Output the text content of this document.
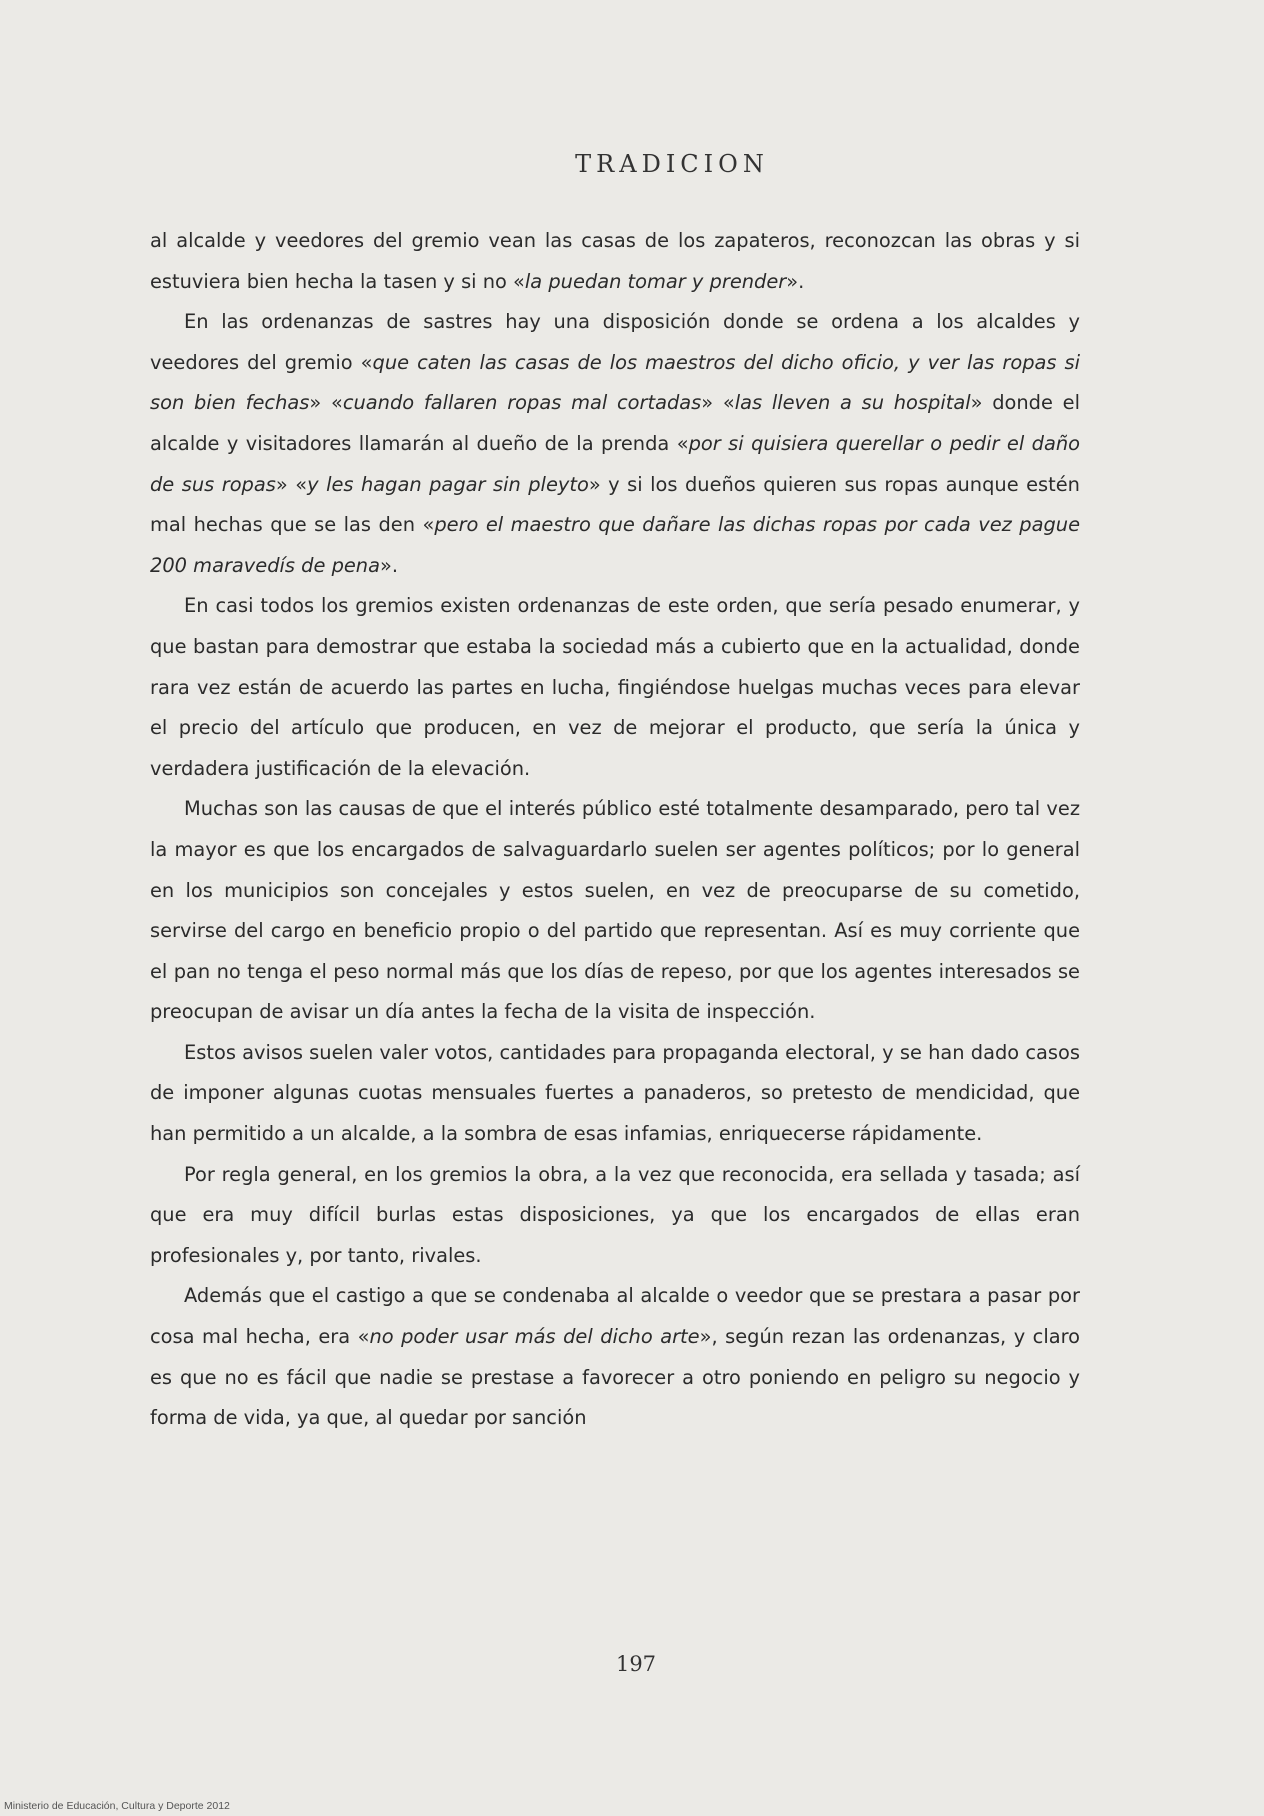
TRADICION

al alcalde y veedores del gremio vean las casas de los zapateros, reconozcan las obras y si estuviera bien hecha la tasen y si no «la puedan tomar y prender».

En las ordenanzas de sastres hay una disposición donde se ordena a los alcaldes y veedores del gremio «que caten las casas de los maestros del dicho oficio, y ver las ropas si son bien fechas» «cuando fallaren ropas mal cortadas» «las lleven a su hospital» donde el alcalde y visitadores llamarán al dueño de la prenda «por si quisiera querellar o pedir el daño de sus ropas» «y les hagan pagar sin pleyto» y si los dueños quieren sus ropas aunque estén mal hechas que se las den «pero el maestro que dañare las dichas ropas por cada vez pague 200 maravedís de pena».

En casi todos los gremios existen ordenanzas de este orden, que sería pesado enumerar, y que bastan para demostrar que estaba la sociedad más a cubierto que en la actualidad, donde rara vez están de acuerdo las partes en lucha, fingiéndose huelgas muchas veces para elevar el precio del artículo que producen, en vez de mejorar el producto, que sería la única y verdadera justificación de la elevación.

Muchas son las causas de que el interés público esté totalmente desamparado, pero tal vez la mayor es que los encargados de salvaguardarlo suelen ser agentes políticos; por lo general en los municipios son concejales y estos suelen, en vez de preocuparse de su cometido, servirse del cargo en beneficio propio o del partido que representan. Así es muy corriente que el pan no tenga el peso normal más que los días de repeso, por que los agentes interesados se preocupan de avisar un día antes la fecha de la visita de inspección.

Estos avisos suelen valer votos, cantidades para propaganda electoral, y se han dado casos de imponer algunas cuotas mensuales fuertes a panaderos, so pretesto de mendicidad, que han permitido a un alcalde, a la sombra de esas infamias, enriquecerse rápidamente.

Por regla general, en los gremios la obra, a la vez que reconocida, era sellada y tasada; así que era muy difícil burlas estas disposiciones, ya que los encargados de ellas eran profesionales y, por tanto, rivales.

Además que el castigo a que se condenaba al alcalde o veedor que se prestara a pasar por cosa mal hecha, era «no poder usar más del dicho arte», según rezan las ordenanzas, y claro es que no es fácil que nadie se prestase a favorecer a otro poniendo en peligro su negocio y forma de vida, ya que, al quedar por sanción

197
Ministerio de Educación, Cultura y Deporte 2012
